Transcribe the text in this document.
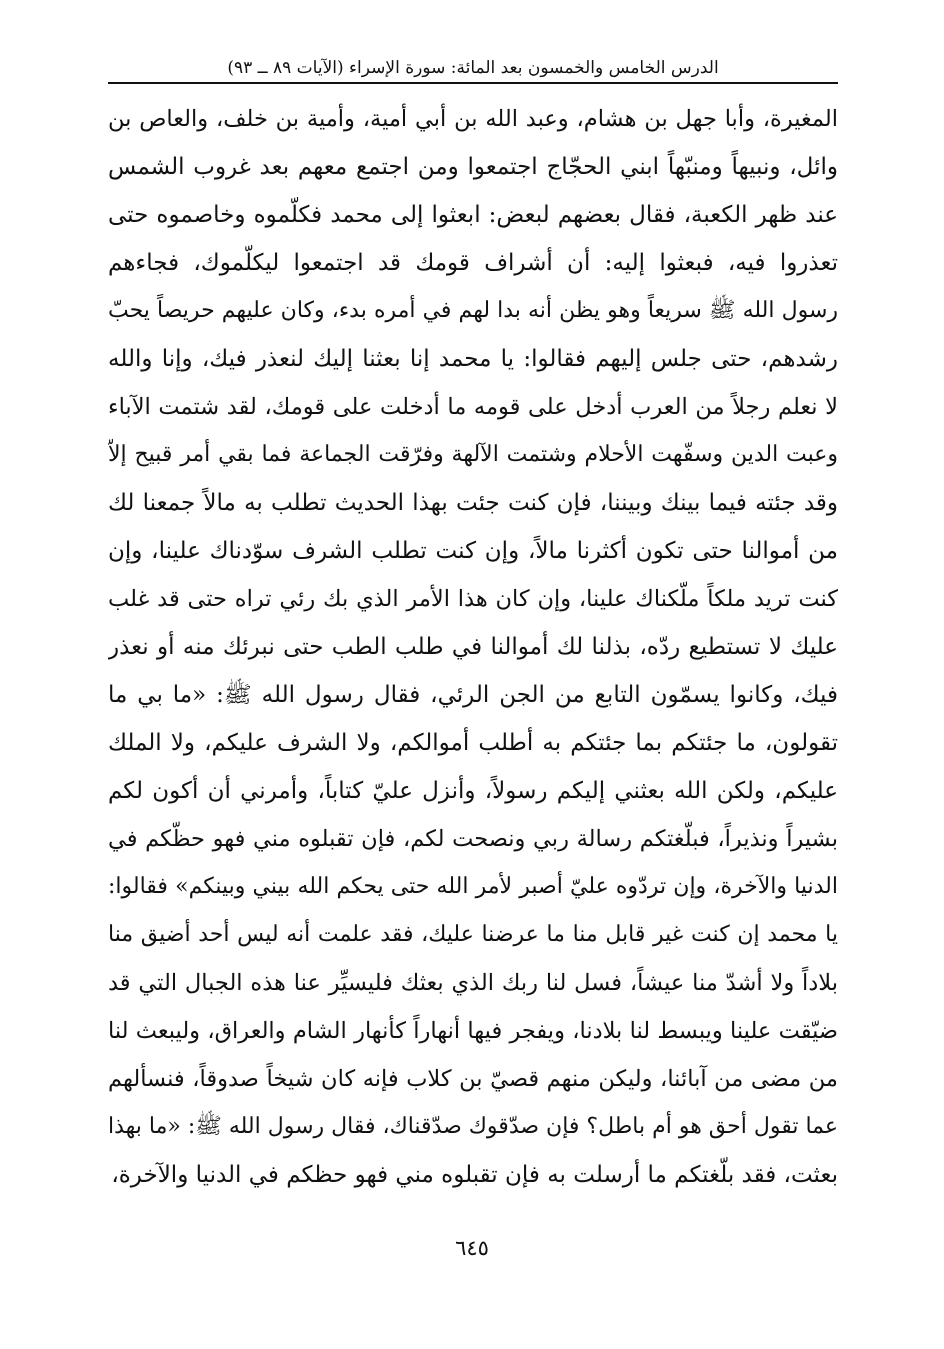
الدرس الخامس والخمسون بعد المائة: سورة الإسراء (الآيات ٨٩ ــ ٩٣)
المغيرة، وأبا جهل بن هشام، وعبد الله بن أبي أمية، وأمية بن خلف، والعاص بن
وائل، ونبيهاً ومنبّهاً ابني الحجّاج اجتمعوا ومن اجتمع معهم بعد غروب الشمس
عند ظهر الكعبة، فقال بعضهم لبعض: ابعثوا إلى محمد فكلّموه وخاصموه حتى
تعذروا فيه، فبعثوا إليه: أن أشراف قومك قد اجتمعوا ليكلّموك، فجاءهم
رسول الله ﷺ سريعاً وهو يظن أنه بدا لهم في أمره بدء، وكان عليهم حريصاً يحبّ
رشدهم، حتى جلس إليهم فقالوا: يا محمد إنا بعثنا إليك لنعذر فيك، وإنا والله
لا نعلم رجلاً من العرب أدخل على قومه ما أدخلت على قومك، لقد شتمت الآباء
وعبت الدين وسفّهت الأحلام وشتمت الآلهة وفرّقت الجماعة فما بقي أمر قبيح إلاّ
وقد جئته فيما بينك وبيننا، فإن كنت جئت بهذا الحديث تطلب به مالاً جمعنا لك
من أموالنا حتى تكون أكثرنا مالاً، وإن كنت تطلب الشرف سوّدناك علينا، وإن
كنت تريد ملكاً ملّكناك علينا، وإن كان هذا الأمر الذي بك رئي تراه حتى قد غلب
عليك لا تستطيع ردّه، بذلنا لك أموالنا في طلب الطب حتى نبرئك منه أو نعذر
فيك، وكانوا يسمّون التابع من الجن الرئي، فقال رسول الله ﷺ: «ما بي ما
تقولون، ما جئتكم بما جئتكم به أطلب أموالكم، ولا الشرف عليكم، ولا الملك
عليكم، ولكن الله بعثني إليكم رسولاً، وأنزل عليّ كتاباً، وأمرني أن أكون لكم
بشيراً ونذيراً، فبلّغتكم رسالة ربي ونصحت لكم، فإن تقبلوه مني فهو حظّكم في
الدنيا والآخرة، وإن تردّوه عليّ أصبر لأمر الله حتى يحكم الله بيني وبينكم» فقالوا:
يا محمد إن كنت غير قابل منا ما عرضنا عليك، فقد علمت أنه ليس أحد أضيق منا
بلاداً ولا أشدّ منا عيشاً، فسل لنا ربك الذي بعثك فليسيِّر عنا هذه الجبال التي قد
ضيّقت علينا ويبسط لنا بلادنا، ويفجر فيها أنهاراً كأنهار الشام والعراق، وليبعث لنا
من مضى من آبائنا، وليكن منهم قصيّ بن كلاب فإنه كان شيخاً صدوقاً، فنسألهم
عما تقول أحق هو أم باطل؟ فإن صدّقوك صدّقناك، فقال رسول الله ﷺ: «ما بهذا
بعثت، فقد بلّغتكم ما أرسلت به فإن تقبلوه مني فهو حظكم في الدنيا والآخرة،
٦٤٥
